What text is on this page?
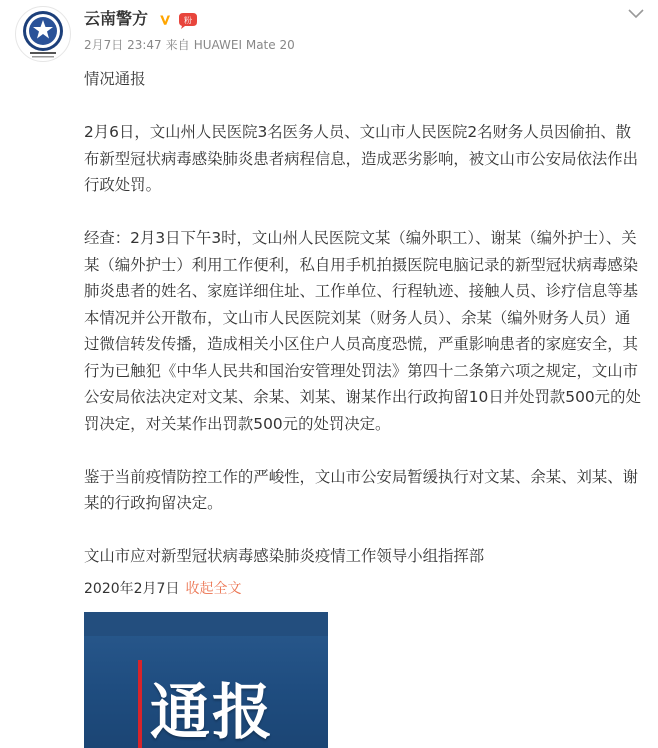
云南警方	粉
2月7日 23:47 来自 HUAWEI Mate 20

情况通报

2月6日，文山州人民医院3名医务人员、文山市人民医院2名财务人员因偷拍、散布新型冠状病毒感染肺炎患者病程信息，造成恶劣影响，被文山市公安局依法作出行政处罚。

经查：2月3日下午3时，文山州人民医院文某（编外职工）、谢某（编外护士）、关某（编外护士）利用工作便利，私自用手机拍摄医院电脑记录的新型冠状病毒感染肺炎患者的姓名、家庭详细住址、工作单位、行程轨迹、接触人员、诊疗信息等基本情况并公开散布，文山市人民医院刘某（财务人员）、余某（编外财务人员）通过微信转发传播，造成相关小区住户人员高度恐慌，严重影响患者的家庭安全，其行为已触犯《中华人民共和国治安管理处罚法》第四十二条第六项之规定，文山市公安局依法决定对文某、余某、刘某、谢某作出行政拘留10日并处罚款500元的处罚决定，对关某作出罚款500元的处罚决定。

鉴于当前疫情防控工作的严峻性，文山市公安局暂缓执行对文某、余某、刘某、谢某的行政拘留决定。

文山市应对新型冠状病毒感染肺炎疫情工作领导小组指挥部

2020年2月7日 收起全文
通报
